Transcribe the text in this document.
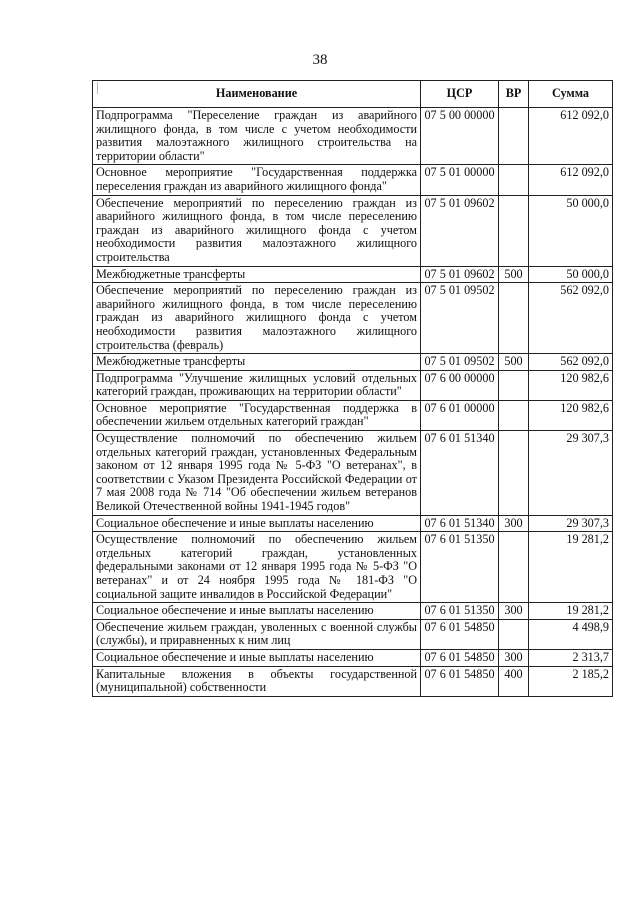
38
Наименование	ЦСР	ВР	Сумма
Подпрограмма "Переселение граждан из аварийного жилищного фонда, в том числе с учетом необходимости развития малоэтажного жилищного строительства на территории области"	07 5 00 00000		612 092,0
Основное мероприятие "Государственная поддержка переселения граждан из аварийного жилищного фонда"	07 5 01 00000		612 092,0
Обеспечение мероприятий по переселению граждан из аварийного жилищного фонда, в том числе переселению граждан из аварийного жилищного фонда с учетом необходимости развития малоэтажного жилищного строительства	07 5 01 09602		50 000,0
Межбюджетные трансферты	07 5 01 09602	500	50 000,0
Обеспечение мероприятий по переселению граждан из аварийного жилищного фонда, в том числе переселению граждан из аварийного жилищного фонда с учетом необходимости развития малоэтажного жилищного строительства (февраль)	07 5 01 09502		562 092,0
Межбюджетные трансферты	07 5 01 09502	500	562 092,0
Подпрограмма "Улучшение жилищных условий отдельных категорий граждан, проживающих на территории области"	07 6 00 00000		120 982,6
Основное мероприятие "Государственная поддержка в обеспечении жильем отдельных категорий граждан"	07 6 01 00000		120 982,6
Осуществление полномочий по обеспечению жильем отдельных категорий граждан, установленных Федеральным законом от 12 января 1995 года № 5-ФЗ "О ветеранах", в соответствии с Указом Президента Российской Федерации от 7 мая 2008 года № 714 "Об обеспечении жильем ветеранов Великой Отечественной войны 1941-1945 годов"	07 6 01 51340		29 307,3
Социальное обеспечение и иные выплаты населению	07 6 01 51340	300	29 307,3
Осуществление полномочий по обеспечению жильем отдельных категорий граждан, установленных федеральными законами от 12 января 1995 года № 5-ФЗ "О ветеранах" и от 24 ноября 1995 года № 181-ФЗ "О социальной защите инвалидов в Российской Федерации"	07 6 01 51350		19 281,2
Социальное обеспечение и иные выплаты населению	07 6 01 51350	300	19 281,2
Обеспечение жильем граждан, уволенных с военной службы (службы), и приравненных к ним лиц	07 6 01 54850		4 498,9
Социальное обеспечение и иные выплаты населению	07 6 01 54850	300	2 313,7
Капитальные вложения в объекты государственной (муниципальной) собственности	07 6 01 54850	400	2 185,2
